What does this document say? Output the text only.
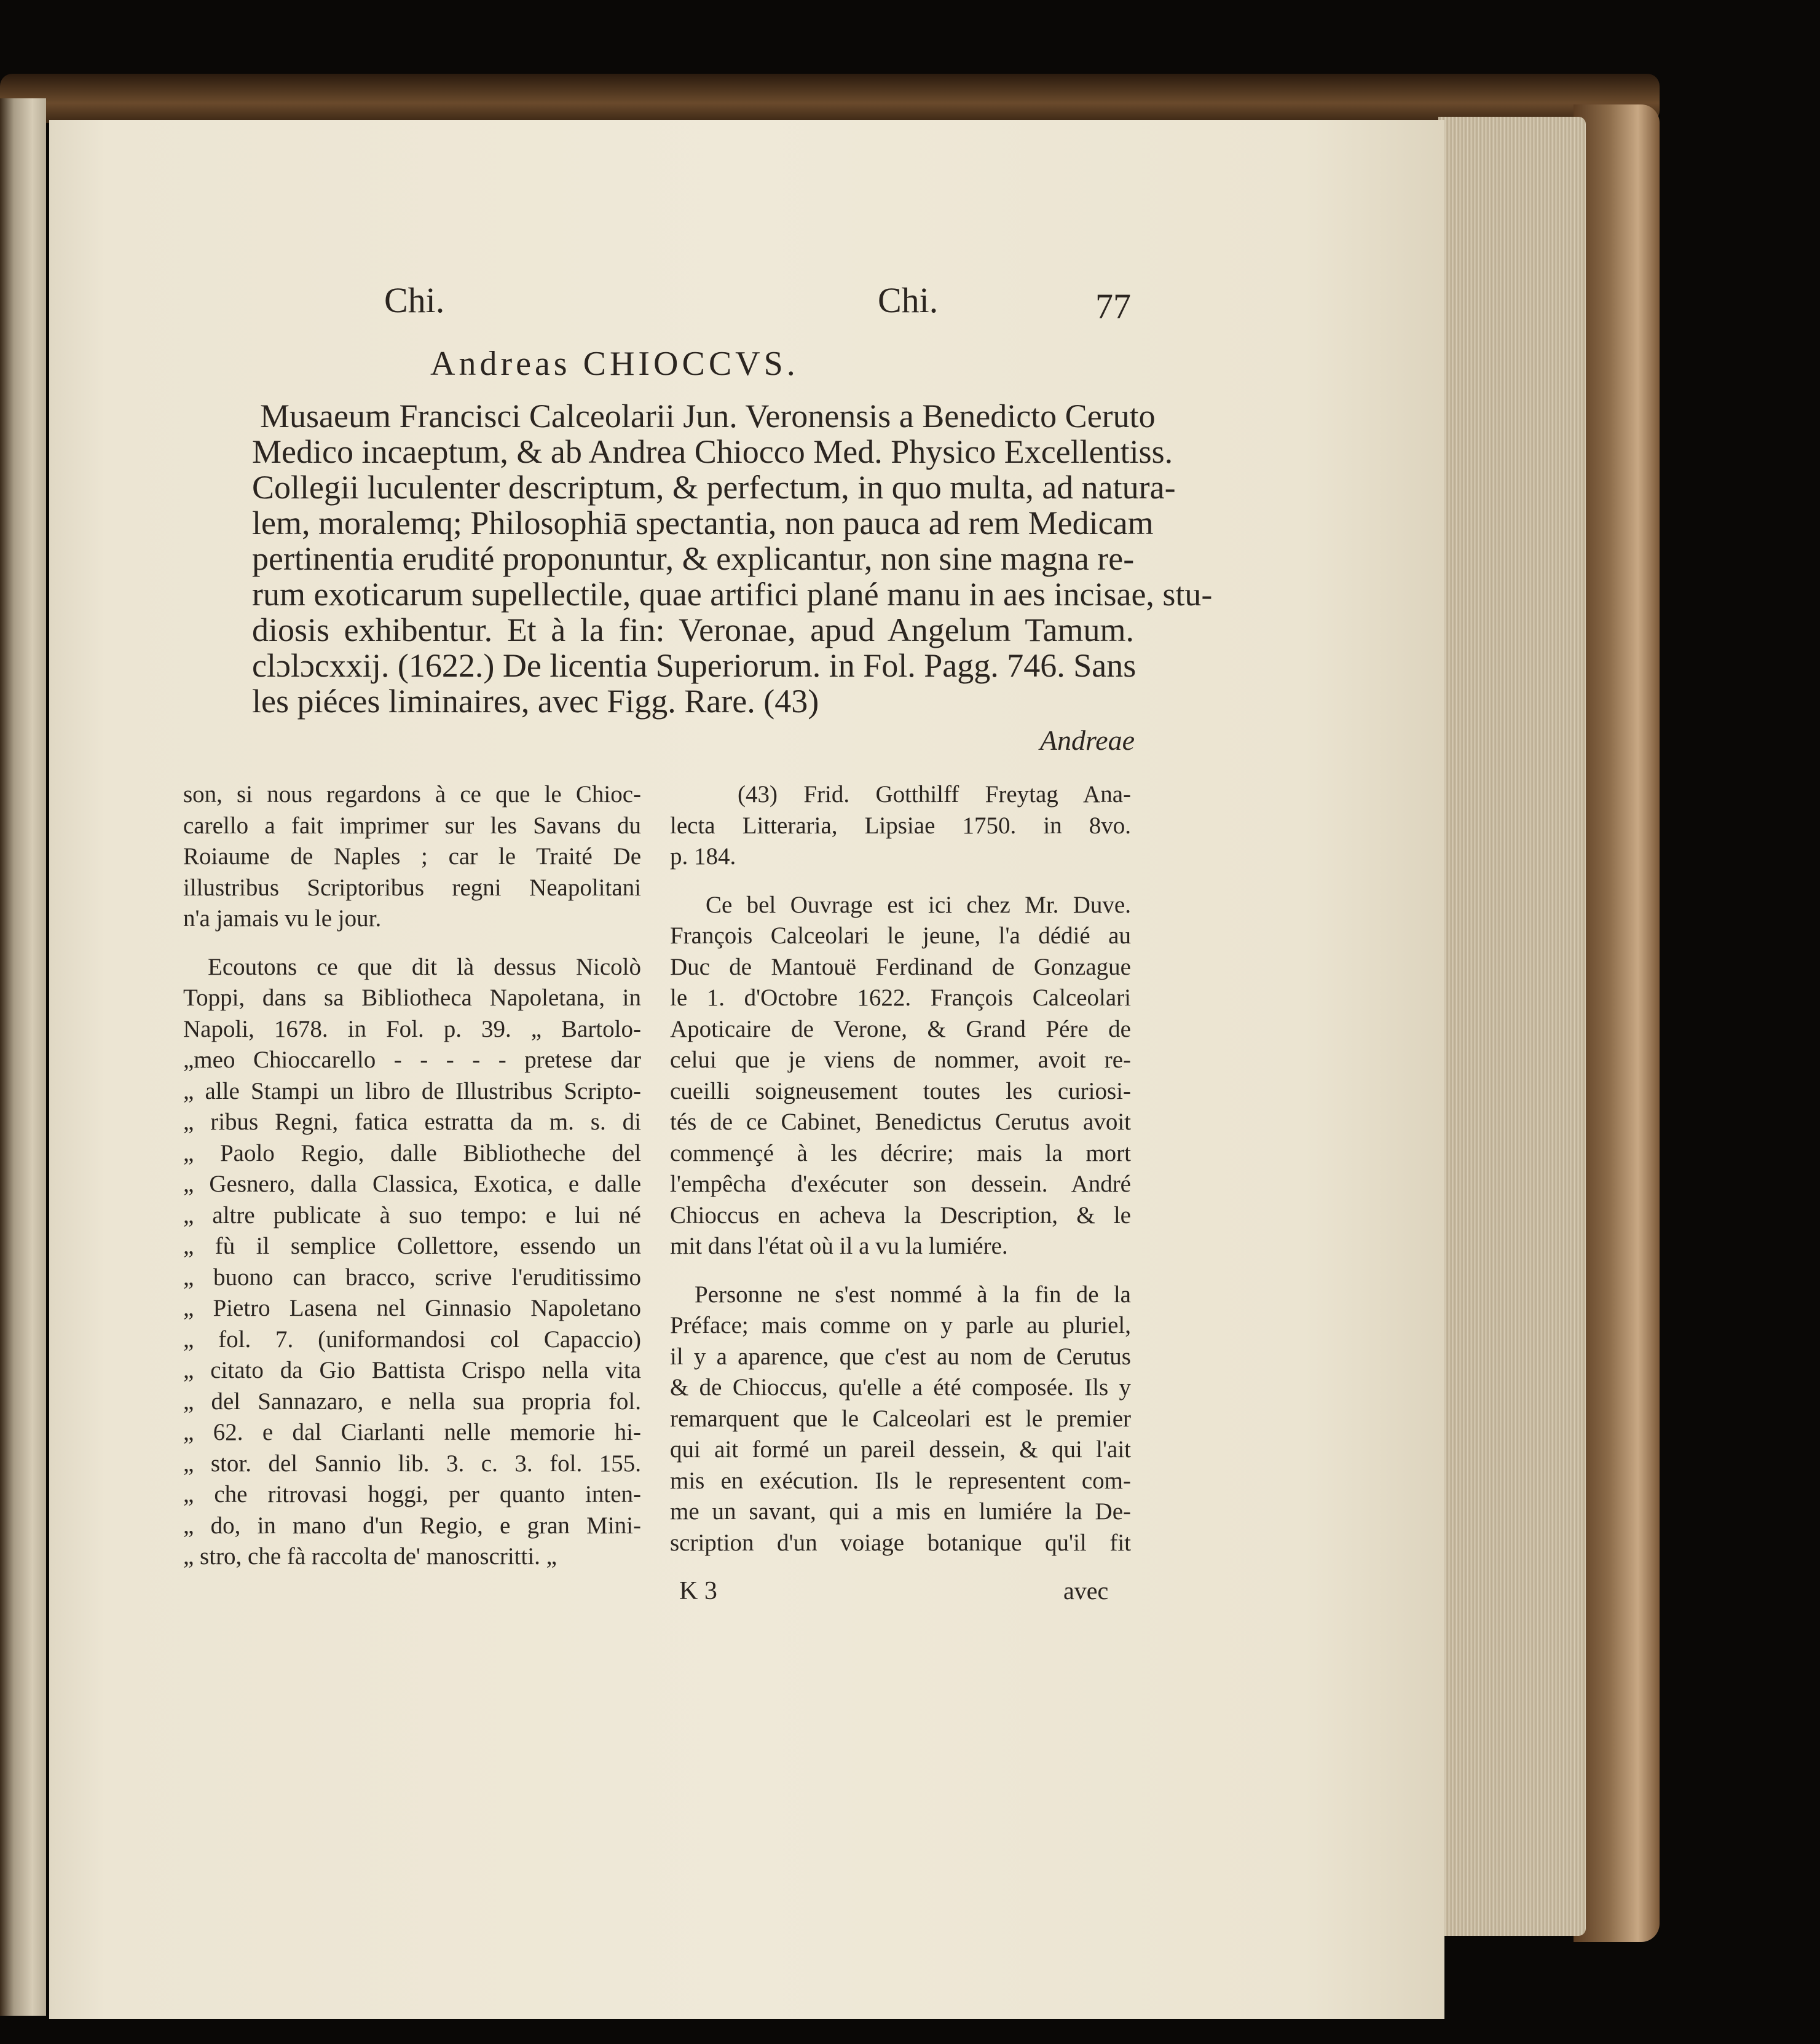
Chi.	Chi.	77
Andreas CHIOCCVS.
Musaeum Francisci Calceolarii Jun. Veronensis a Benedicto Ceruto
Medico incaeptum, & ab Andrea Chiocco Med. Physico Excellentiss.
Collegii luculenter descriptum, & perfectum, in quo multa, ad natura-
lem, moralemq; Philosophiā spectantia, non pauca ad rem Medicam
pertinentia erudité proponuntur, & explicantur, non sine magna re-
rum exoticarum supellectile, quae artifici plané manu in aes incisae, stu-
diosis exhibentur. Et à la fin: Veronae, apud Angelum Tamum.
clɔlɔcxxij. (1622.) De licentia Superiorum. in Fol. Pagg. 746. Sans
les piéces liminaires, avec Figg. Rare. (43)
Andreae
son, si nous regardons à ce que le Chioc-
carello a fait imprimer sur les Savans du
Roiaume de Naples ; car le Traité De
illustribus Scriptoribus regni Neapolitani
n'a jamais vu le jour.
Ecoutons ce que dit là dessus Nicolò
Toppi, dans sa Bibliotheca Napoletana, in
Napoli, 1678. in Fol. p. 39. „ Bartolo-
„meo Chioccarello - - - - - pretese dar
„ alle Stampi un libro de Illustribus Scripto-
„ ribus Regni, fatica estratta da m. s. di
„ Paolo Regio, dalle Bibliotheche del
„ Gesnero, dalla Classica, Exotica, e dalle
„ altre publicate à suo tempo: e lui né
„ fù il semplice Collettore, essendo un
„ buono can bracco, scrive l'eruditissimo
„ Pietro Lasena nel Ginnasio Napoletano
„ fol. 7. (uniformandosi col Capaccio)
„ citato da Gio Battista Crispo nella vita
„ del Sannazaro, e nella sua propria fol.
„ 62. e dal Ciarlanti nelle memorie hi-
„ stor. del Sannio lib. 3. c. 3. fol. 155.
„ che ritrovasi hoggi, per quanto inten-
„ do, in mano d'un Regio, e gran Mini-
„ stro, che fà raccolta de' manoscritti. „
(43) Frid. Gotthilff Freytag Ana-
lecta Litteraria, Lipsiae 1750. in 8vo.
p. 184.
Ce bel Ouvrage est ici chez Mr. Duve.
François Calceolari le jeune, l'a dédié au
Duc de Mantouë Ferdinand de Gonzague
le 1. d'Octobre 1622. François Calceolari
Apoticaire de Verone, & Grand Pére de
celui que je viens de nommer, avoit re-
cueilli soigneusement toutes les curiosi-
tés de ce Cabinet, Benedictus Cerutus avoit
commençé à les décrire; mais la mort
l'empêcha d'exécuter son dessein. André
Chioccus en acheva la Description, & le
mit dans l'état où il a vu la lumiére.
Personne ne s'est nommé à la fin de la
Préface; mais comme on y parle au pluriel,
il y a aparence, que c'est au nom de Cerutus
& de Chioccus, qu'elle a été composée. Ils y
remarquent que le Calceolari est le premier
qui ait formé un pareil dessein, & qui l'ait
mis en exécution. Ils le representent com-
me un savant, qui a mis en lumiére la De-
scription d'un voiage botanique qu'il fit
K 3	avec
